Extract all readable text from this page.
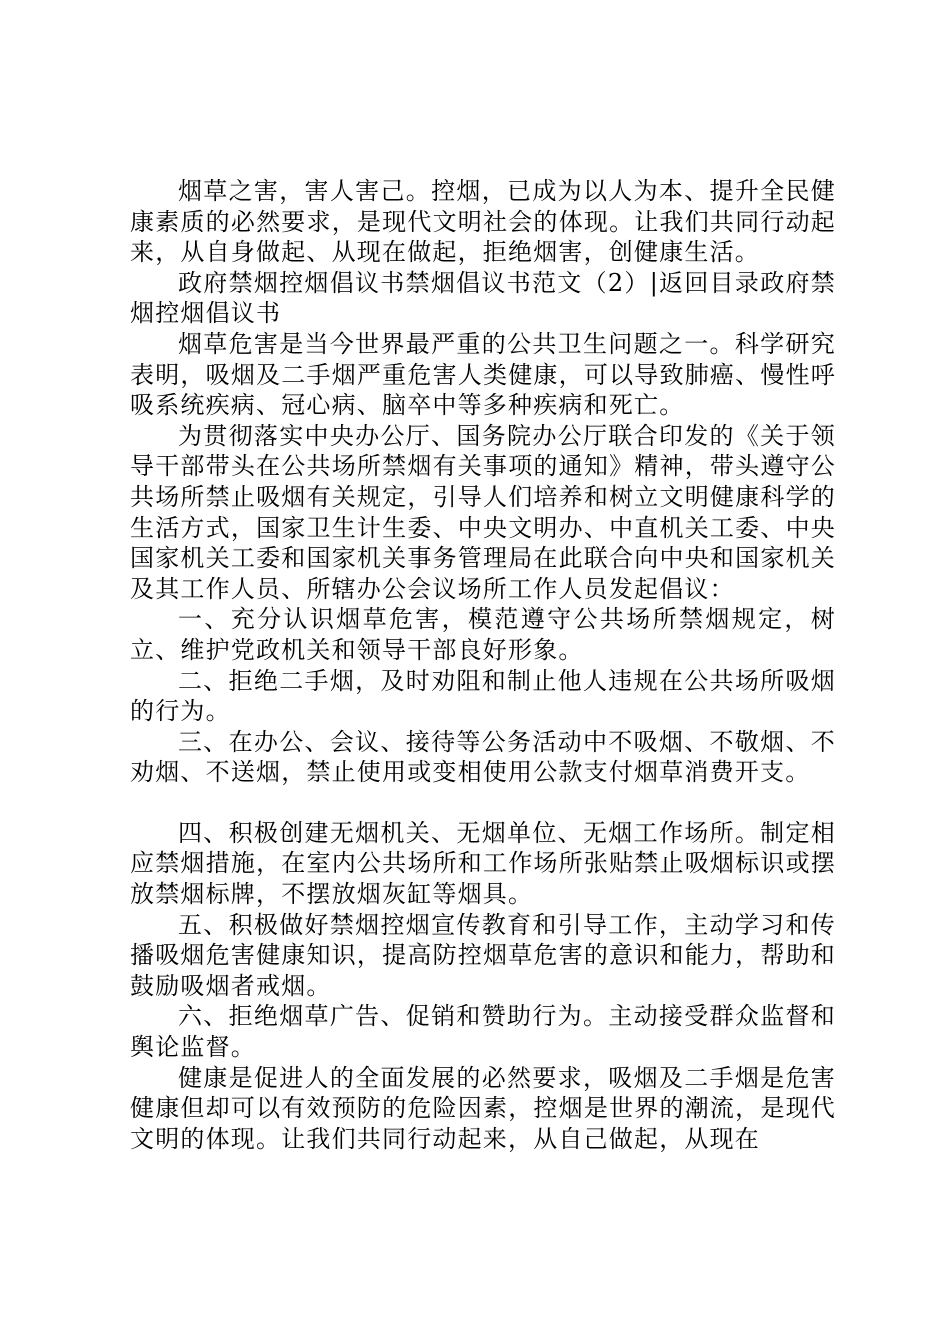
烟草之害，害人害己。控烟，已成为以人为本、提升全民健康素质的必然要求，是现代文明社会的体现。让我们共同行动起来，从自身做起、从现在做起，拒绝烟害，创健康生活。

政府禁烟控烟倡议书禁烟倡议书范文（2）|返回目录政府禁烟控烟倡议书

烟草危害是当今世界最严重的公共卫生问题之一。科学研究表明，吸烟及二手烟严重危害人类健康，可以导致肺癌、慢性呼吸系统疾病、冠心病、脑卒中等多种疾病和死亡。

为贯彻落实中央办公厅、国务院办公厅联合印发的《关于领导干部带头在公共场所禁烟有关事项的通知》精神，带头遵守公共场所禁止吸烟有关规定，引导人们培养和树立文明健康科学的生活方式，国家卫生计生委、中央文明办、中直机关工委、中央国家机关工委和国家机关事务管理局在此联合向中央和国家机关及其工作人员、所辖办公会议场所工作人员发起倡议：

一、充分认识烟草危害，模范遵守公共场所禁烟规定，树立、维护党政机关和领导干部良好形象。

二、拒绝二手烟，及时劝阻和制止他人违规在公共场所吸烟的行为。

三、在办公、会议、接待等公务活动中不吸烟、不敬烟、不劝烟、不送烟，禁止使用或变相使用公款支付烟草消费开支。

四、积极创建无烟机关、无烟单位、无烟工作场所。制定相应禁烟措施，在室内公共场所和工作场所张贴禁止吸烟标识或摆放禁烟标牌，不摆放烟灰缸等烟具。

五、积极做好禁烟控烟宣传教育和引导工作，主动学习和传播吸烟危害健康知识，提高防控烟草危害的意识和能力，帮助和鼓励吸烟者戒烟。

六、拒绝烟草广告、促销和赞助行为。主动接受群众监督和舆论监督。

健康是促进人的全面发展的必然要求，吸烟及二手烟是危害健康但却可以有效预防的危险因素，控烟是世界的潮流，是现代文明的体现。让我们共同行动起来，从自己做起，从现在
